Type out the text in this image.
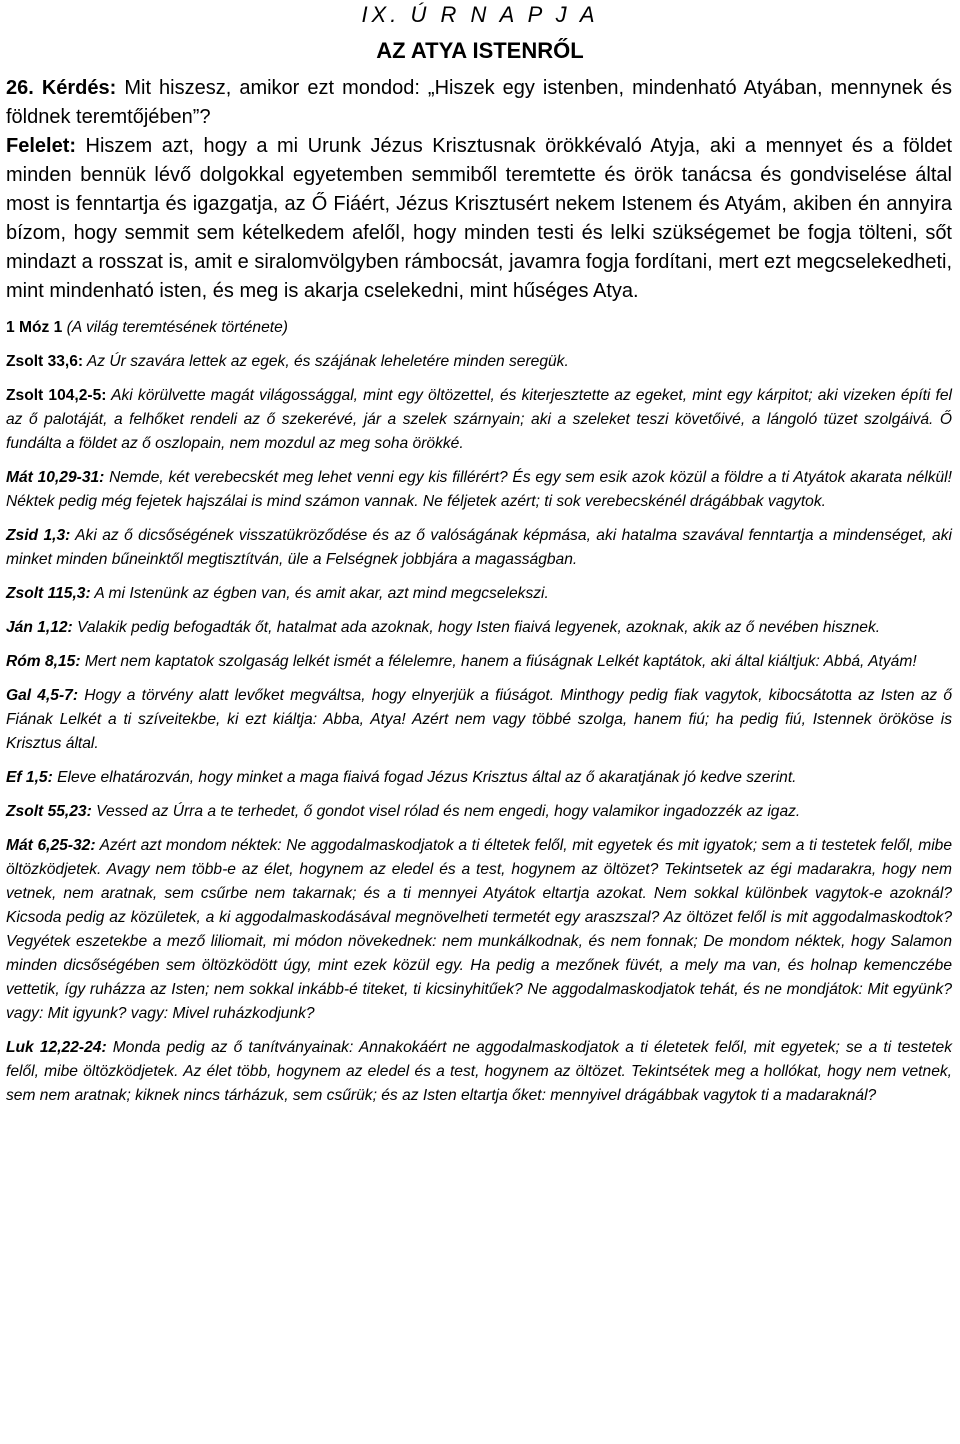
IX. Ú R N A P J A
AZ ATYA ISTENRŐL

26. Kérdés: Mit hiszesz, amikor ezt mondod: „Hiszek egy istenben, mindenható Atyában, mennynek és földnek teremtőjében”?

Felelet: Hiszem azt, hogy a mi Urunk Jézus Krisztusnak örökkévaló Atyja, aki a mennyet és a földet minden bennük lévő dolgokkal egyetemben semmiből teremtette és örök tanácsa és gondviselése által most is fenntartja és igazgatja, az Ő Fiáért, Jézus Krisztusért nekem Istenem és Atyám, akiben én annyira bízom, hogy semmit sem kételkedem afelől, hogy minden testi és lelki szükségemet be fogja tölteni, sőt mindazt a rosszat is, amit e siralomvölgyben rámbocsát, javamra fogja fordítani, mert ezt megcselekedheti, mint mindenható isten, és meg is akarja cselekedni, mint hűséges Atya.

1 Móz 1 (A világ teremtésének története)

Zsolt 33,6: Az Úr szavára lettek az egek, és szájának leheletére minden seregük.

Zsolt 104,2-5: Aki körülvette magát világossággal, mint egy öltözettel, és kiterjesztette az egeket, mint egy kárpitot; aki vizeken építi fel az ő palotáját, a felhőket rendeli az ő szekerévé, jár a szelek szárnyain; aki a szeleket teszi követőivé, a lángoló tüzet szolgáivá. Ő fundálta a földet az ő oszlopain, nem mozdul az meg soha örökké.

Mát 10,29-31: Nemde, két verebecskét meg lehet venni egy kis fillérért? És egy sem esik azok közül a földre a ti Atyátok akarata nélkül! Néktek pedig még fejetek hajszálai is mind számon vannak. Ne féljetek azért; ti sok verebecskénél drágábbak vagytok.

Zsid 1,3: Aki az ő dicsőségének visszatükröződése és az ő valóságának képmása, aki hatalma szavával fenntartja a mindenséget, aki minket minden bűneinktől megtisztítván, üle a Felségnek jobbjára a magasságban.

Zsolt 115,3: A mi Istenünk az égben van, és amit akar, azt mind megcselekszi.

Ján 1,12: Valakik pedig befogadták őt, hatalmat ada azoknak, hogy Isten fiaivá legyenek, azoknak, akik az ő nevében hisznek.

Róm 8,15: Mert nem kaptatok szolgaság lelkét ismét a félelemre, hanem a fiúságnak Lelkét kaptátok, aki által kiáltjuk: Abbá, Atyám!

Gal 4,5-7: Hogy a törvény alatt levőket megváltsa, hogy elnyerjük a fiúságot. Minthogy pedig fiak vagytok, kibocsátotta az Isten az ő Fiának Lelkét a ti szíveitekbe, ki ezt kiáltja: Abba, Atya! Azért nem vagy többé szolga, hanem fiú; ha pedig fiú, Istennek örököse is Krisztus által.

Ef 1,5: Eleve elhatározván, hogy minket a maga fiaivá fogad Jézus Krisztus által az ő akaratjának jó kedve szerint.

Zsolt 55,23: Vessed az Úrra a te terhedet, ő gondot visel rólad és nem engedi, hogy valamikor ingadozzék az igaz.

Mát 6,25-32: Azért azt mondom néktek: Ne aggodalmaskodjatok a ti éltetek felől, mit egyetek és mit igyatok; sem a ti testetek felől, mibe öltözködjetek. Avagy nem több-e az élet, hogynem az eledel és a test, hogynem az öltözet? Tekintsetek az égi madarakra, hogy nem vetnek, nem aratnak, sem csűrbe nem takarnak; és a ti mennyei Atyátok eltartja azokat. Nem sokkal különbek vagytok-e azoknál? Kicsoda pedig az közületek, a ki aggodalmaskodásával megnövelheti termetét egy araszszal? Az öltözet felől is mit aggodalmaskodtok? Vegyétek eszetekbe a mező liliomait, mi módon növekednek: nem munkálkodnak, és nem fonnak; De mondom néktek, hogy Salamon minden dicsőségében sem öltözködött úgy, mint ezek közül egy. Ha pedig a mezőnek füvét, a mely ma van, és holnap kemenczébe vettetik, így ruházza az Isten; nem sokkal inkább-é titeket, ti kicsinyhitűek? Ne aggodalmaskodjatok tehát, és ne mondjátok: Mit együnk? vagy: Mit igyunk? vagy: Mivel ruházkodjunk?

Luk 12,22-24: Monda pedig az ő tanítványainak: Annakokáért ne aggodalmaskodjatok a ti életetek felől, mit egyetek; se a ti testetek felől, mibe öltözködjetek. Az élet több, hogynem az eledel és a test, hogynem az öltözet. Tekintsétek meg a hollókat, hogy nem vetnek, sem nem aratnak; kiknek nincs tárházuk, sem csűrük; és az Isten eltartja őket: mennyivel drágábbak vagytok ti a madaraknál?
